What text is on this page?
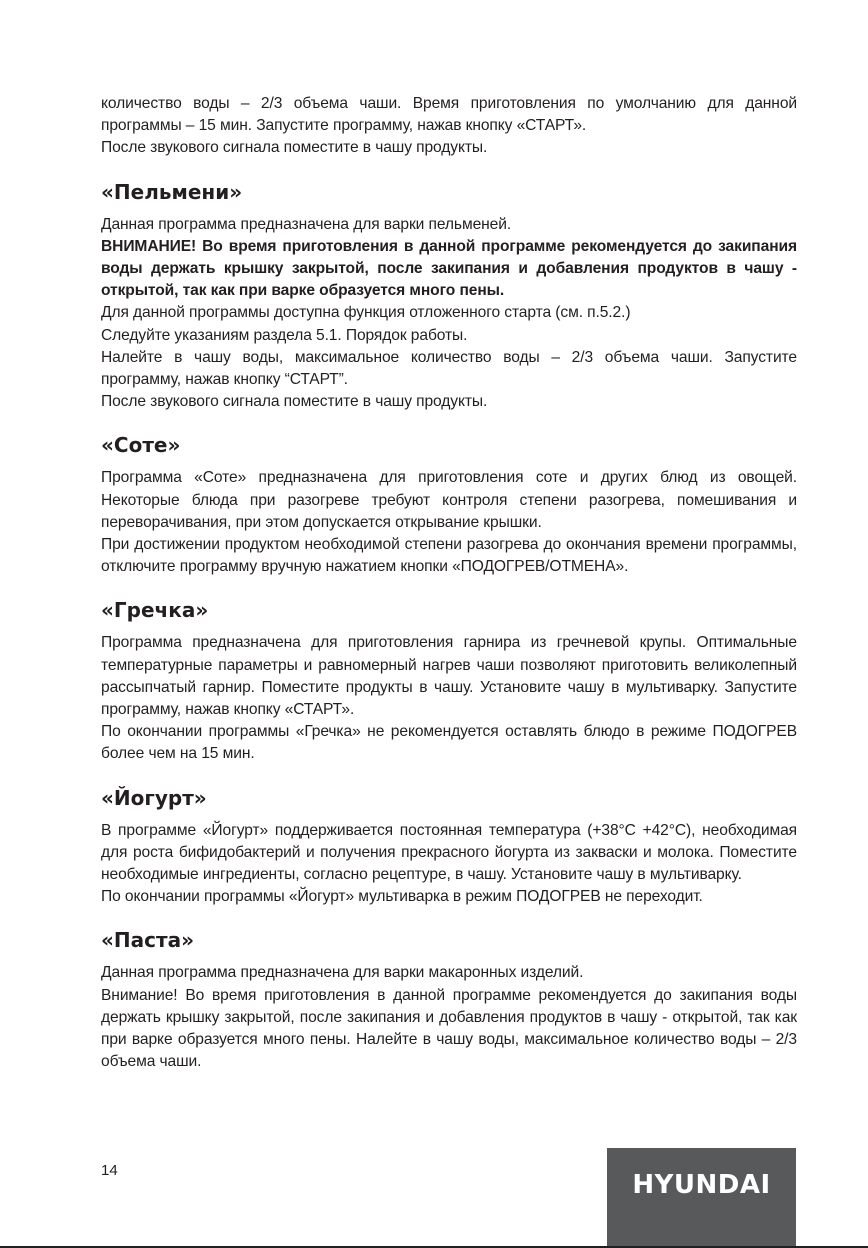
количество воды – 2/3 объема чаши. Время приготовления по умолчанию для данной программы – 15 мин. Запустите программу, нажав кнопку «СТАРТ».

После звукового сигнала поместите в чашу продукты.

«Пельмени»

Данная программа предназначена для варки пельменей.

ВНИМАНИЕ! Во время приготовления в данной программе рекомендуется до закипания воды держать крышку закрытой, после закипания и добавления продуктов в чашу - открытой, так как при варке образуется много пены.

Для данной программы доступна функция отложенного старта (см. п.5.2.)

Следуйте указаниям раздела 5.1. Порядок работы.

Налейте в чашу воды, максимальное количество воды – 2/3 объема чаши. Запустите программу, нажав кнопку “СТАРТ”.

После звукового сигнала поместите в чашу продукты.

«Соте»

Программа «Соте» предназначена для приготовления соте и других блюд из овощей. Некоторые блюда при разогреве требуют контроля степени разогрева, помешивания и переворачивания, при этом допускается открывание крышки.

При достижении продуктом необходимой степени разогрева до окончания времени программы, отключите программу вручную нажатием кнопки «ПОДОГРЕВ/ОТМЕНА».

«Гречка»

Программа предназначена для приготовления гарнира из гречневой крупы. Оптимальные температурные параметры и равномерный нагрев чаши позволяют приготовить великолепный рассыпчатый гарнир. Поместите продукты в чашу. Установите чашу в мультиварку. Запустите программу, нажав кнопку «СТАРТ».

По окончании программы «Гречка» не рекомендуется оставлять блюдо в режиме ПОДОГРЕВ более чем на 15 мин.

«Йогурт»

В программе «Йогурт» поддерживается постоянная температура (+38°C +42°C), необходимая для роста бифидобактерий и получения прекрасного йогурта из закваски и молока. Поместите необходимые ингредиенты, согласно рецептуре, в чашу. Установите чашу в мультиварку.

По окончании программы «Йогурт» мультиварка в режим ПОДОГРЕВ не переходит.

«Паста»

Данная программа предназначена для варки макаронных изделий.

Внимание! Во время приготовления в данной программе рекомендуется до закипания воды держать крышку закрытой, после закипания и добавления продуктов в чашу - открытой, так как при варке образуется много пены. Налейте в чашу воды, максимальное количество воды – 2/3 объема чаши.

14	HYUNDAI
